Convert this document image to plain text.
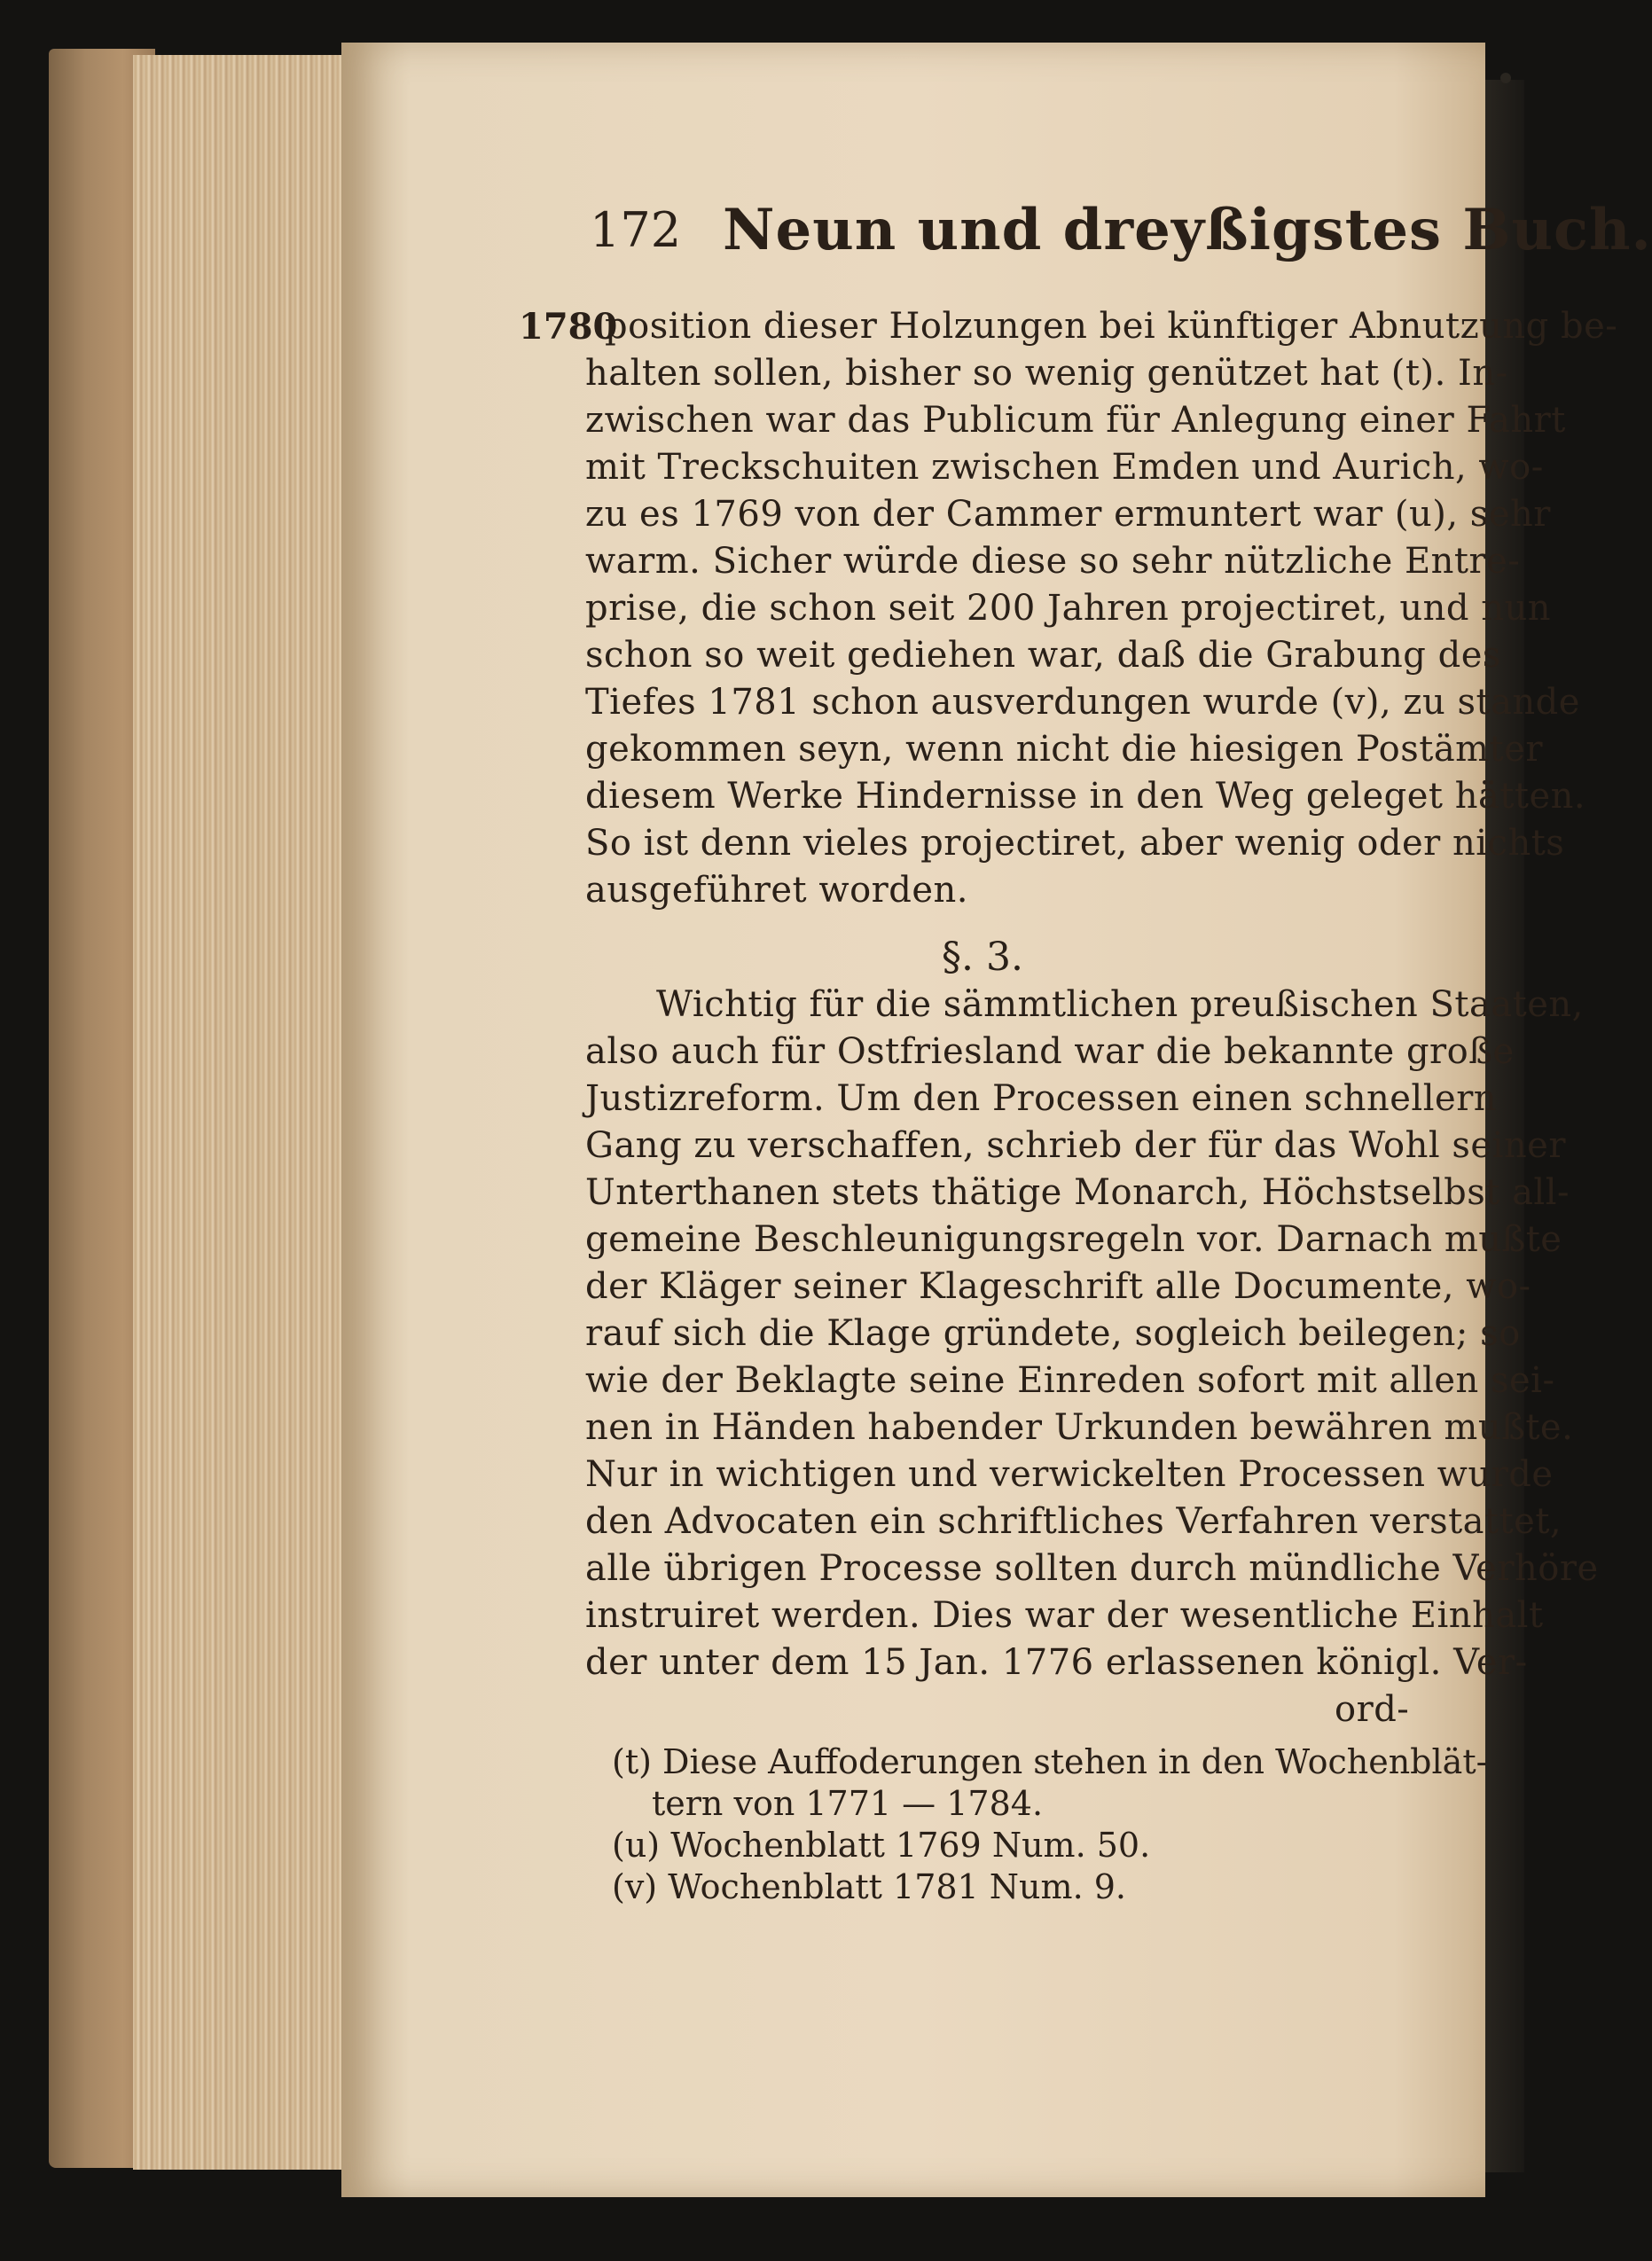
172 Neun und dreyßigstes Buch.
1780
position dieser Holzungen bei künftiger Abnutzung be-
halten sollen, bisher so wenig genützet hat (t). In-
zwischen war das Publicum für Anlegung einer Fahrt
mit Treckschuiten zwischen Emden und Aurich, wo-
zu es 1769 von der Cammer ermuntert war (u), sehr
warm. Sicher würde diese so sehr nützliche Entre-
prise, die schon seit 200 Jahren projectiret, und nun
schon so weit gediehen war, daß die Grabung des
Tiefes 1781 schon ausverdungen wurde (v), zu stande
gekommen seyn, wenn nicht die hiesigen Postämter
diesem Werke Hindernisse in den Weg geleget hätten.
So ist denn vieles projectiret, aber wenig oder nichts
ausgeführet worden.
§. 3.
Wichtig für die sämmtlichen preußischen Staaten,
also auch für Ostfriesland war die bekannte große
Justizreform. Um den Processen einen schnellern
Gang zu verschaffen, schrieb der für das Wohl seiner
Unterthanen stets thätige Monarch, Höchstselbst all-
gemeine Beschleunigungsregeln vor. Darnach mußte
der Kläger seiner Klageschrift alle Documente, wo-
rauf sich die Klage gründete, sogleich beilegen; so
wie der Beklagte seine Einreden sofort mit allen sei-
nen in Händen habender Urkunden bewähren mußte.
Nur in wichtigen und verwickelten Processen wurde
den Advocaten ein schriftliches Verfahren verstattet,
alle übrigen Processe sollten durch mündliche Verhöre
instruiret werden. Dies war der wesentliche Einhalt
der unter dem 15 Jan. 1776 erlassenen königl. Ver-
ord-
(t) Diese Auffoderungen stehen in den Wochenblät-
tern von 1771 — 1784.
(u) Wochenblatt 1769 Num. 50.
(v) Wochenblatt 1781 Num. 9.
